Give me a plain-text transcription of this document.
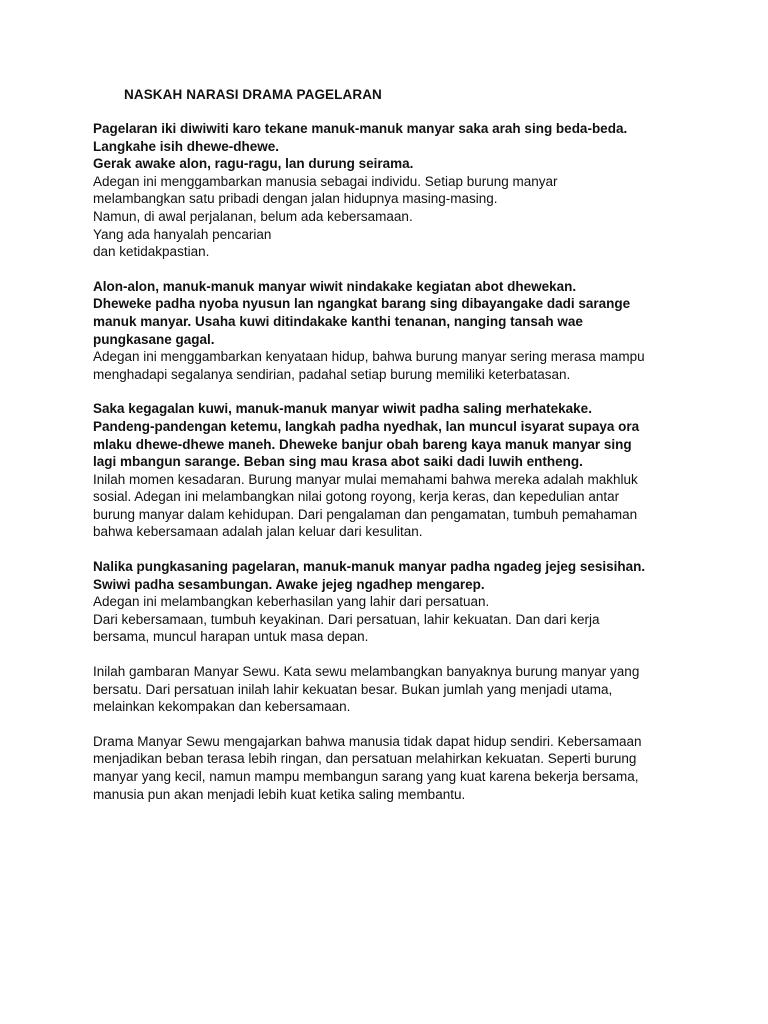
NASKAH NARASI DRAMA PAGELARAN
Pagelaran iki diwiwiti karo tekane manuk-manuk manyar saka arah sing beda-beda.
Langkahe isih dhewe-dhewe.
Gerak awake alon, ragu-ragu, lan durung seirama.
Adegan ini menggambarkan manusia sebagai individu. Setiap burung manyar
melambangkan satu pribadi dengan jalan hidupnya masing-masing.
Namun, di awal perjalanan, belum ada kebersamaan.
Yang ada hanyalah pencarian
dan ketidakpastian.
Alon-alon, manuk-manuk manyar wiwit nindakake kegiatan abot dhewekan.
Dheweke padha nyoba nyusun lan ngangkat barang sing dibayangake dadi sarange
manuk manyar. Usaha kuwi ditindakake kanthi tenanan, nanging tansah wae
pungkasane gagal.
Adegan ini menggambarkan kenyataan hidup, bahwa burung manyar sering merasa mampu
menghadapi segalanya sendirian, padahal setiap burung memiliki keterbatasan.
Saka kegagalan kuwi, manuk-manuk manyar wiwit padha saling merhatekake.
Pandeng-pandengan ketemu, langkah padha nyedhak, lan muncul isyarat supaya ora
mlaku dhewe-dhewe maneh. Dheweke banjur obah bareng kaya manuk manyar sing
lagi mbangun sarange. Beban sing mau krasa abot saiki dadi luwih entheng.
Inilah momen kesadaran. Burung manyar mulai memahami bahwa mereka adalah makhluk
sosial. Adegan ini melambangkan nilai gotong royong, kerja keras, dan kepedulian antar
burung manyar dalam kehidupan. Dari pengalaman dan pengamatan, tumbuh pemahaman
bahwa kebersamaan adalah jalan keluar dari kesulitan.
Nalika pungkasaning pagelaran, manuk-manuk manyar padha ngadeg jejeg sesisihan.
Swiwi padha sesambungan. Awake jejeg ngadhep mengarep.
Adegan ini melambangkan keberhasilan yang lahir dari persatuan.
Dari kebersamaan, tumbuh keyakinan. Dari persatuan, lahir kekuatan. Dan dari kerja
bersama, muncul harapan untuk masa depan.
Inilah gambaran Manyar Sewu. Kata sewu melambangkan banyaknya burung manyar yang
bersatu. Dari persatuan inilah lahir kekuatan besar. Bukan jumlah yang menjadi utama,
melainkan kekompakan dan kebersamaan.
Drama Manyar Sewu mengajarkan bahwa manusia tidak dapat hidup sendiri. Kebersamaan
menjadikan beban terasa lebih ringan, dan persatuan melahirkan kekuatan. Seperti burung
manyar yang kecil, namun mampu membangun sarang yang kuat karena bekerja bersama,
manusia pun akan menjadi lebih kuat ketika saling membantu.
